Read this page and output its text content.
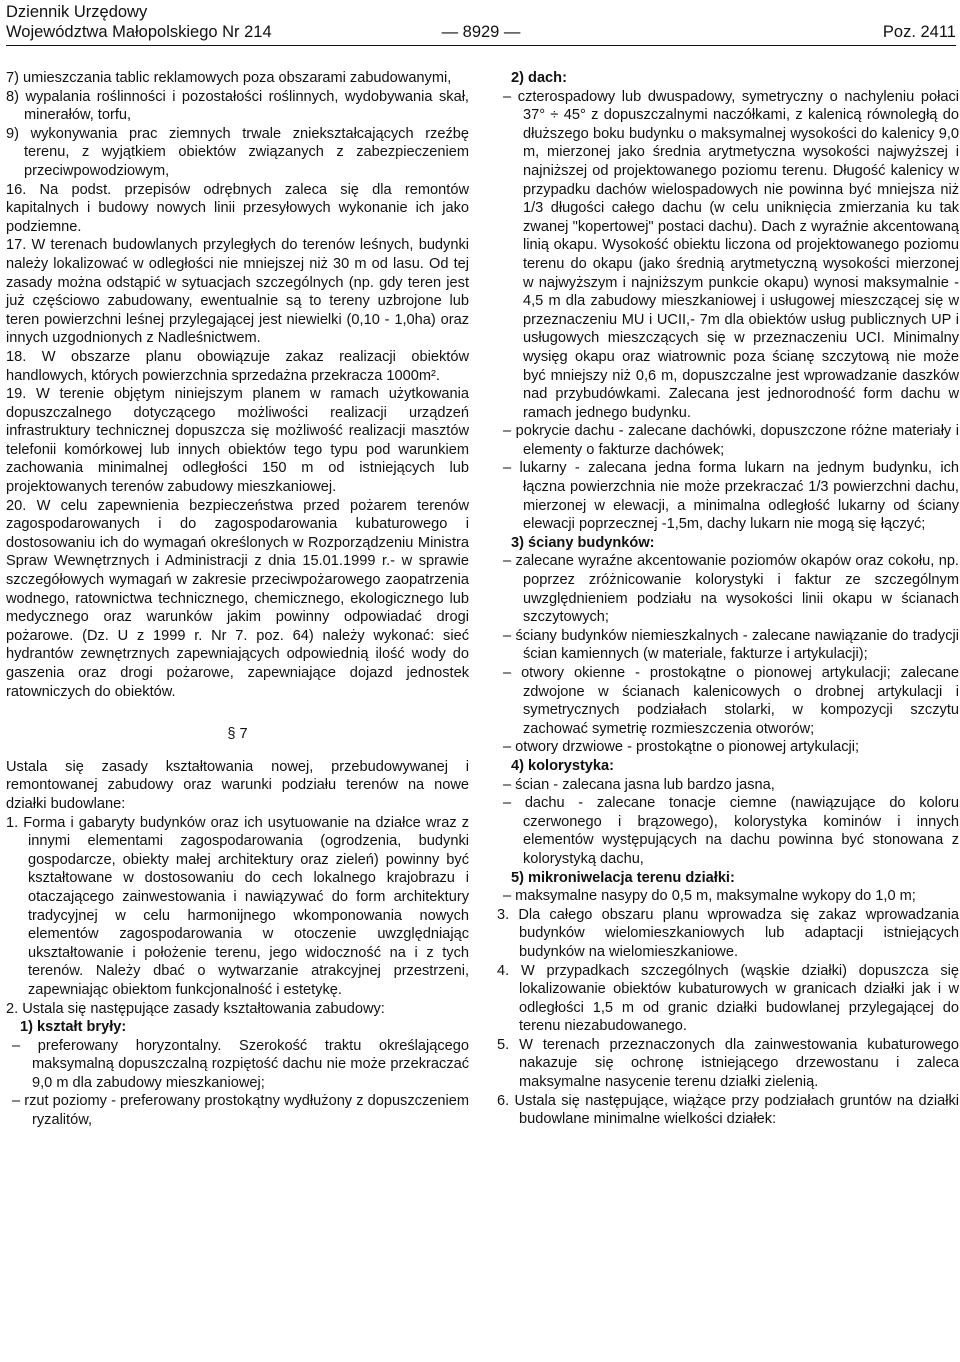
Dziennik Urzędowy
Województwa Małopolskiego Nr 214	— 8929 —	Poz. 2411

7) umieszczania tablic reklamowych poza obszarami zabudowanymi,

8) wypalania roślinności i pozostałości roślinnych, wydobywania skał, minerałów, torfu,

9) wykonywania prac ziemnych trwale zniekształcających rzeźbę terenu, z wyjątkiem obiektów związanych z zabezpieczeniem przeciwpowodziowym,

16. Na podst. przepisów odrębnych zaleca się dla remontów kapitalnych i budowy nowych linii przesyłowych wykonanie ich jako podziemne.

17. W terenach budowlanych przyległych do terenów leśnych, budynki należy lokalizować w odległości nie mniejszej niż 30 m od lasu. Od tej zasady można odstąpić w sytuacjach szczególnych (np. gdy teren jest już częściowo zabudowany, ewentualnie są to tereny uzbrojone lub teren powierzchni leśnej przylegającej jest niewielki (0,10 - 1,0ha) oraz innych uzgodnionych z Nadleśnictwem.

18. W obszarze planu obowiązuje zakaz realizacji obiektów handlowych, których powierzchnia sprzedażna przekracza 1000m².

19. W terenie objętym niniejszym planem w ramach użytkowania dopuszczalnego dotyczącego możliwości realizacji urządzeń infrastruktury technicznej dopuszcza się możliwość realizacji masztów telefonii komórkowej lub innych obiektów tego typu pod warunkiem zachowania minimalnej odległości 150 m od istniejących lub projektowanych terenów zabudowy mieszkaniowej.

20. W celu zapewnienia bezpieczeństwa przed pożarem terenów zagospodarowanych i do zagospodarowania kubaturowego i dostosowaniu ich do wymagań określonych w Rozporządzeniu Ministra Spraw Wewnętrznych i Administracji z dnia 15.01.1999 r.- w sprawie szczegółowych wymagań w zakresie przeciwpożarowego zaopatrzenia wodnego, ratownictwa technicznego, chemicznego, ekologicznego lub medycznego oraz warunków jakim powinny odpowiadać drogi pożarowe. (Dz. U z 1999 r. Nr 7. poz. 64) należy wykonać: sieć hydrantów zewnętrznych zapewniających odpowiednią ilość wody do gaszenia oraz drogi pożarowe, zapewniające dojazd jednostek ratowniczych do obiektów.

§ 7

Ustala się zasady kształtowania nowej, przebudowywanej i remontowanej zabudowy oraz warunki podziału terenów na nowe działki budowlane:

1. Forma i gabaryty budynków oraz ich usytuowanie na działce wraz z innymi elementami zagospodarowania (ogrodzenia, budynki gospodarcze, obiekty małej architektury oraz zieleń) powinny być kształtowane w dostosowaniu do cech lokalnego krajobrazu i otaczającego zainwestowania i nawiązywać do form architektury tradycyjnej w celu harmonijnego wkomponowania nowych elementów zagospodarowania w otoczenie uwzględniając ukształtowanie i położenie terenu, jego widoczność na i z tych terenów. Należy dbać o wytwarzanie atrakcyjnej przestrzeni, zapewniając obiektom funkcjonalność i estetykę.

2. Ustala się następujące zasady kształtowania zabudowy:

1) kształt bryły:

– preferowany horyzontalny. Szerokość traktu określającego maksymalną dopuszczalną rozpiętość dachu nie może przekraczać 9,0 m dla zabudowy mieszkaniowej;

– rzut poziomy - preferowany prostokątny wydłużony z dopuszczeniem ryzalitów,

2) dach:

– czterospadowy lub dwuspadowy, symetryczny o nachyleniu połaci 37° ÷ 45° z dopuszczalnymi naczółkami, z kalenicą równoległą do dłuższego boku budynku o maksymalnej wysokości do kalenicy 9,0 m, mierzonej jako średnia arytmetyczna wysokości najwyższej i najniższej od projektowanego poziomu terenu. Długość kalenicy w przypadku dachów wielospadowych nie powinna być mniejsza niż 1/3 długości całego dachu (w celu uniknięcia zmierzania ku tak zwanej "kopertowej" postaci dachu). Dach z wyraźnie akcentowaną linią okapu. Wysokość obiektu liczona od projektowanego poziomu terenu do okapu (jako średnią arytmetyczną wysokości mierzonej w najwyższym i najniższym punkcie okapu) wynosi maksymalnie - 4,5 m dla zabudowy mieszkaniowej i usługowej mieszczącej się w przeznaczeniu MU i UCII,- 7m dla obiektów usług publicznych UP i usługowych mieszczących się w przeznaczeniu UCI. Minimalny wysięg okapu oraz wiatrownic poza ścianę szczytową nie może być mniejszy niż 0,6 m, dopuszczalne jest wprowadzanie daszków nad przybudówkami. Zalecana jest jednorodność form dachu w ramach jednego budynku.

– pokrycie dachu - zalecane dachówki, dopuszczone różne materiały i elementy o fakturze dachówek;

– lukarny - zalecana jedna forma lukarn na jednym budynku, ich łączna powierzchnia nie może przekraczać 1/3 powierzchni dachu, mierzonej w elewacji, a minimalna odległość lukarny od ściany elewacji poprzecznej -1,5m, dachy lukarn nie mogą się łączyć;

3) ściany budynków:

– zalecane wyraźne akcentowanie poziomów okapów oraz cokołu, np. poprzez zróżnicowanie kolorystyki i faktur ze szczególnym uwzględnieniem podziału na wysokości linii okapu w ścianach szczytowych;

– ściany budynków niemieszkalnych - zalecane nawiązanie do tradycji ścian kamiennych (w materiale, fakturze i artykulacji);

– otwory okienne - prostokątne o pionowej artykulacji; zalecane zdwojone w ścianach kalenicowych o drobnej artykulacji i symetrycznych podziałach stolarki, w kompozycji szczytu zachować symetrię rozmieszczenia otworów;

– otwory drzwiowe - prostokątne o pionowej artykulacji;

4) kolorystyka:

– ścian - zalecana jasna lub bardzo jasna,

– dachu - zalecane tonacje ciemne (nawiązujące do koloru czerwonego i brązowego), kolorystyka kominów i innych elementów występujących na dachu powinna być stonowana z kolorystyką dachu,

5) mikroniwelacja terenu działki:

– maksymalne nasypy do 0,5 m, maksymalne wykopy do 1,0 m;

3. Dla całego obszaru planu wprowadza się zakaz wprowadzania budynków wielomieszkaniowych lub adaptacji istniejących budynków na wielomieszkaniowe.

4. W przypadkach szczególnych (wąskie działki) dopuszcza się lokalizowanie obiektów kubaturowych w granicach działki jak i w odległości 1,5 m od granic działki budowlanej przylegającej do terenu niezabudowanego.

5. W terenach przeznaczonych dla zainwestowania kubaturowego nakazuje się ochronę istniejącego drzewostanu i zaleca maksymalne nasycenie terenu działki zielenią.

6. Ustala się następujące, wiążące przy podziałach gruntów na działki budowlane minimalne wielkości działek:
